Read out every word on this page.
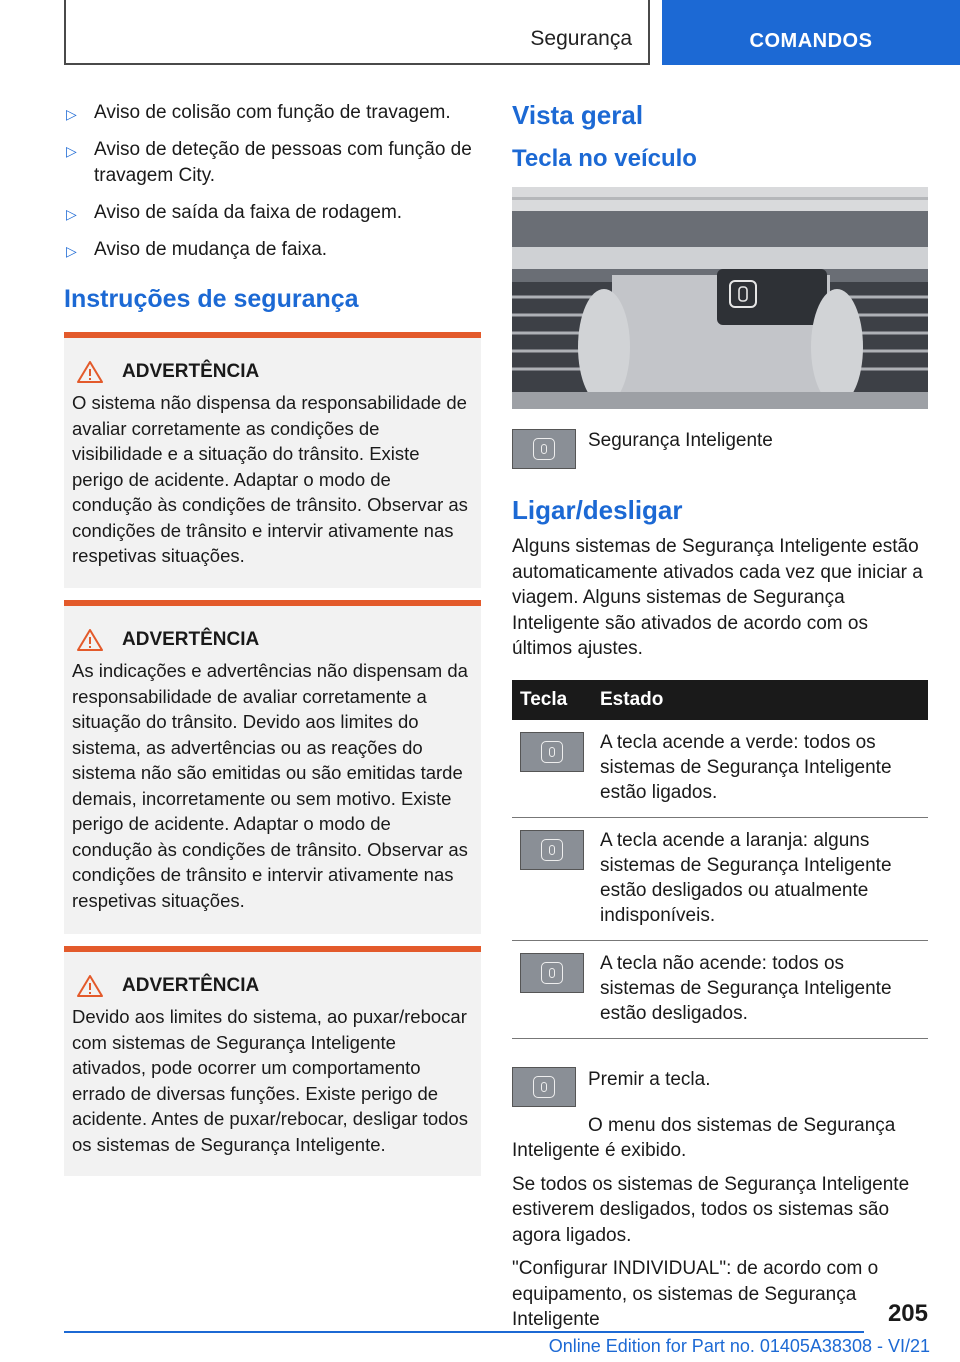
Segurança	COMANDOS
▷ Aviso de colisão com função de travagem.
▷ Aviso de deteção de pessoas com função de travagem City.
▷ Aviso de saída da faixa de rodagem.
▷ Aviso de mudança de faixa.
Instruções de segurança
ADVERTÊNCIA

O sistema não dispensa da responsabilidade de avaliar corretamente as condições de visibilidade e a situação do trânsito. Existe perigo de acidente. Adaptar o modo de condução às condições de trânsito. Observar as condições de trânsito e intervir ativamente nas respetivas situações.

ADVERTÊNCIA

As indicações e advertências não dispensam da responsabilidade de avaliar corretamente a situação do trânsito. Devido aos limites do sistema, as advertências ou as reações do sistema não são emitidas ou são emitidas tarde demais, incorretamente ou sem motivo. Existe perigo de acidente. Adaptar o modo de condução às condições de trânsito. Observar as condições de trânsito e intervir ativamente nas respetivas situações.

ADVERTÊNCIA

Devido aos limites do sistema, ao puxar/rebocar com sistemas de Segurança Inteligente ativados, pode ocorrer um comportamento errado de diversas funções. Existe perigo de acidente. Antes de puxar/rebocar, desligar todos os sistemas de Segurança Inteligente.

Vista geral
Tecla no veículo
Segurança Inteligente
Ligar/desligar

Alguns sistemas de Segurança Inteligente estão automaticamente ativados cada vez que iniciar a viagem. Alguns sistemas de Segurança Inteligente são ativados de acordo com os últimos ajustes.

Tecla	Estado

	A tecla acende a verde: todos os sistemas de Segurança Inteligente estão ligados.

	A tecla acende a laranja: alguns sistemas de Segurança Inteligente estão desligados ou atualmente indisponíveis.

	A tecla não acende: todos os sistemas de Segurança Inteligente estão desligados.

Premir a tecla.

O menu dos sistemas de Segurança Inteligente é exibido.

Se todos os sistemas de Segurança Inteligente estiverem desligados, todos os sistemas são agora ligados.

"Configurar INDIVIDUAL": de acordo com o equipamento, os sistemas de Segurança Inteligente	205
Online Edition for Part no. 01405A38308 - VI/21
